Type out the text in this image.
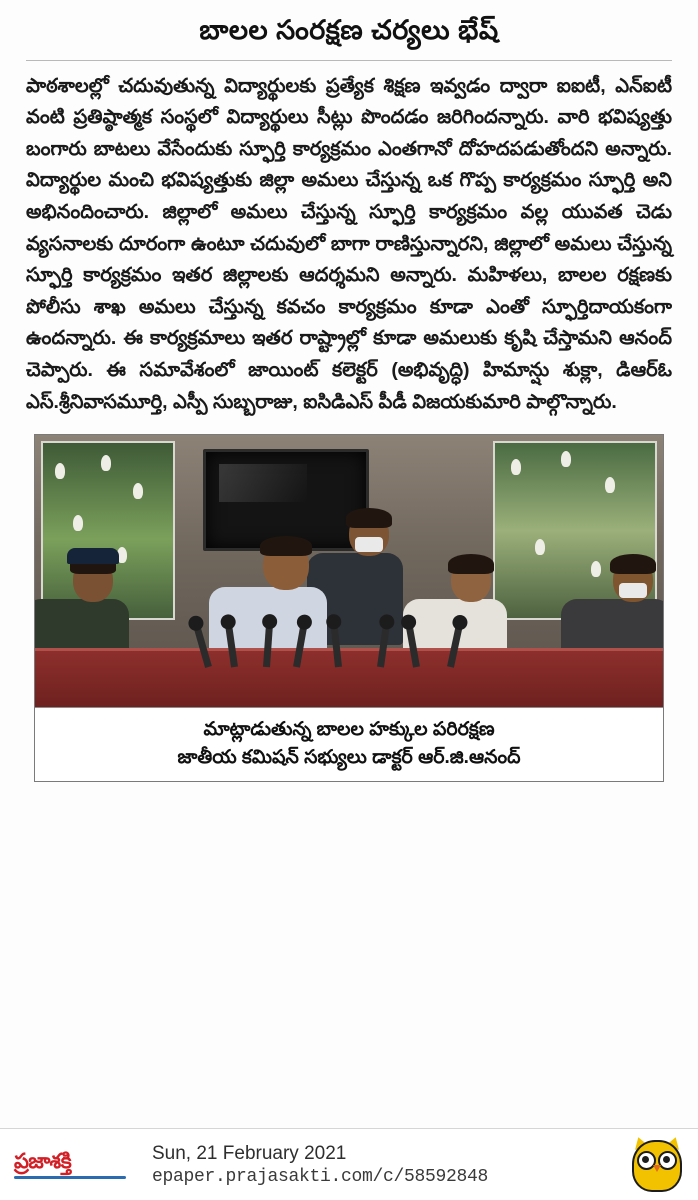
బాలల సంరక్షణ చర్యలు భేష్

పాఠశాలల్లో చదువుతున్న విద్యార్థులకు ప్రత్యేక శిక్షణ ఇవ్వడం ద్వారా ఐఐటీ, ఎన్ఐటీ వంటి ప్రతిష్ఠాత్మక సంస్థలో విద్యార్థులు సీట్లు పొందడం జరిగిందన్నారు. వారి భవిష్యత్తు బంగారు బాటలు వేసేందుకు స్ఫూర్తి కార్యక్రమం ఎంతగానో దోహదపడుతోందని అన్నారు. విద్యార్థుల మంచి భవిష్యత్తుకు జిల్లా అమలు చేస్తున్న ఒక గొప్ప కార్యక్రమం స్ఫూర్తి అని అభినందించారు. జిల్లాలో అమలు చేస్తున్న స్ఫూర్తి కార్యక్రమం వల్ల యువత చెడు వ్యసనాలకు దూరంగా ఉంటూ చదువులో బాగా రాణిస్తున్నారని, జిల్లాలో అమలు చేస్తున్న స్ఫూర్తి కార్యక్రమం ఇతర జిల్లాలకు ఆదర్శమని అన్నారు. మహిళలు, బాలల రక్షణకు పోలీసు శాఖ అమలు చేస్తున్న కవచం కార్యక్రమం కూడా ఎంతో స్ఫూర్తిదాయకంగా ఉందన్నారు. ఈ కార్యక్రమాలు ఇతర రాష్ట్రాల్లో కూడా అమలుకు కృషి చేస్తామని ఆనంద్ చెప్పారు. ఈ సమావేశంలో జాయింట్ కలెక్టర్ (అభివృద్ధి) హిమాన్షు శుక్లా, డిఆర్ఓ ఎస్.శ్రీనివాసమూర్తి, ఎస్పీ సుబ్బరాజు, ఐసిడిఎస్ పీడీ విజయకుమారి పాల్గొన్నారు.

మాట్లాడుతున్న బాలల హక్కుల పరిరక్షణ
జాతీయ కమిషన్ సభ్యులు డాక్టర్ ఆర్.జి.ఆనంద్
ప్రజాశక్తి	Sun, 21 February 2021
epaper.prajasakti.com/c/58592848
